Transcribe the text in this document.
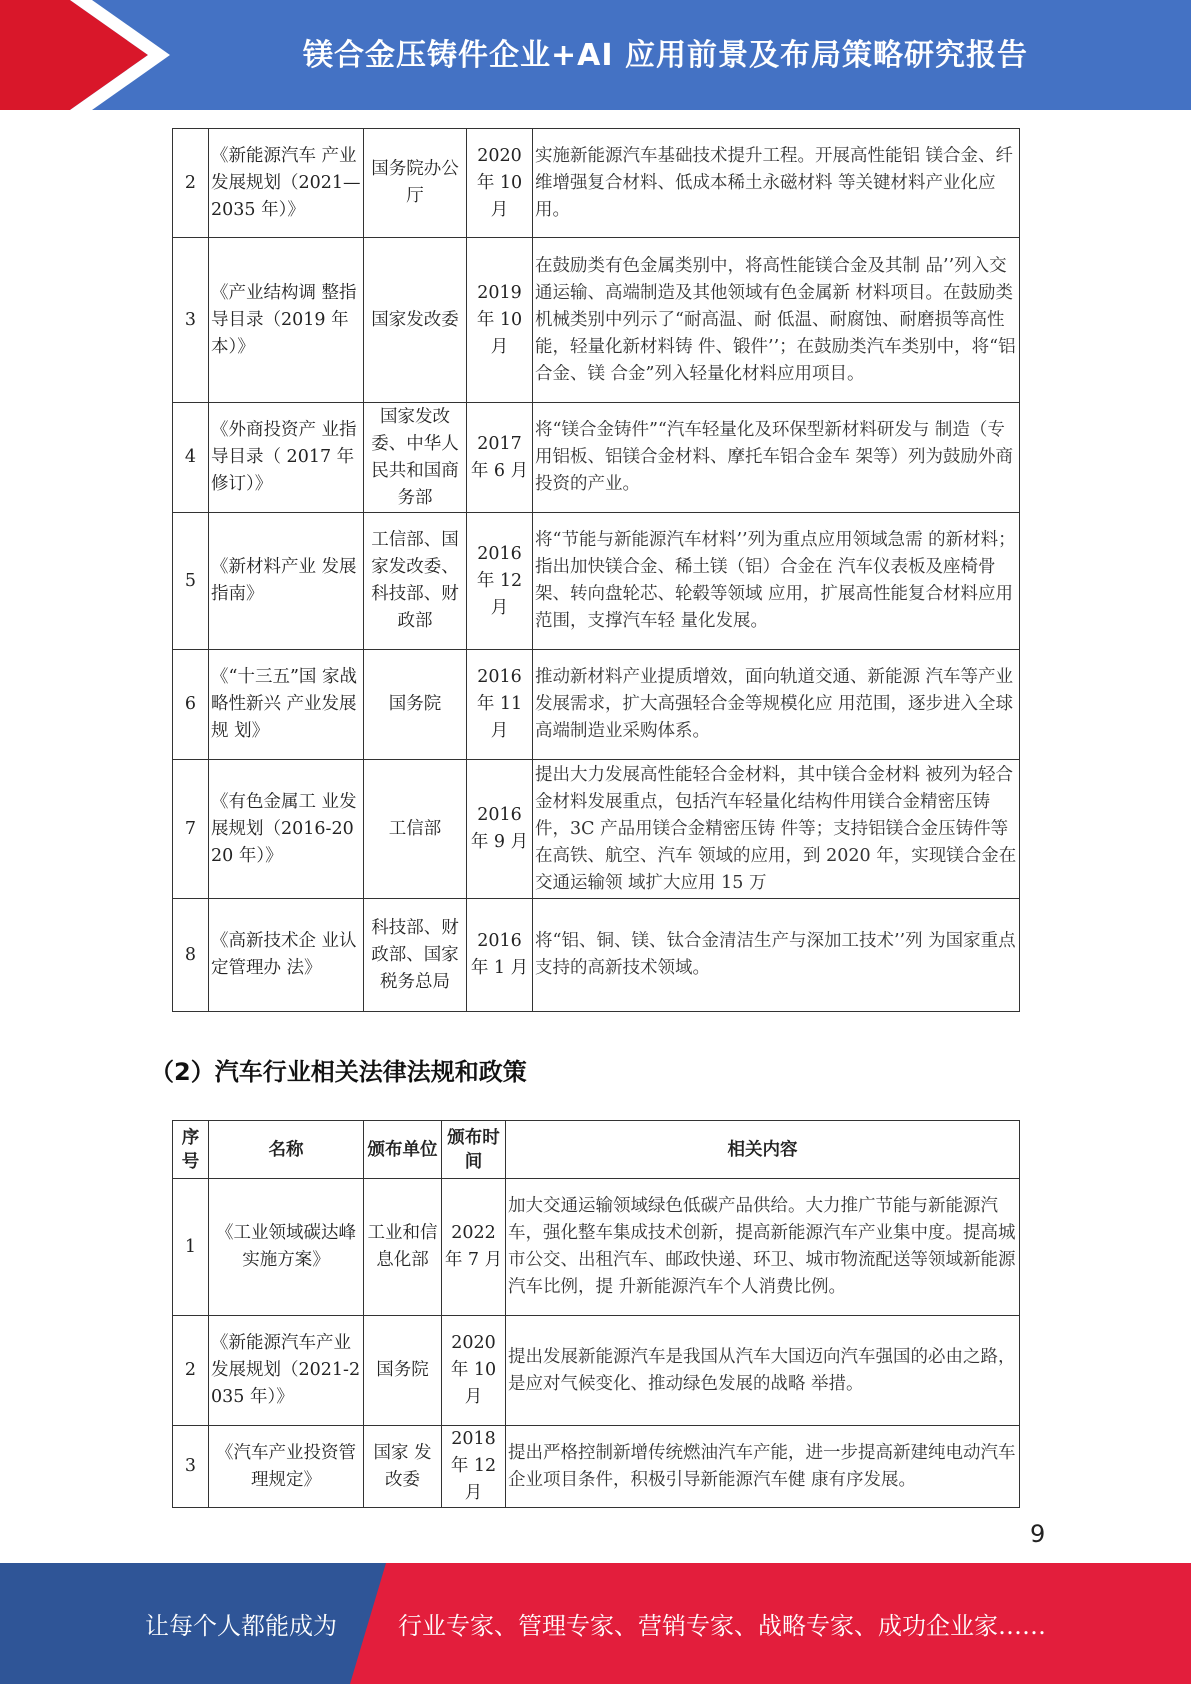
镁合金压铸件企业+AI 应用前景及布局策略研究报告
2	《新能源汽车 产业发展规划（2021—2035 年）》	国务院办公厅	2020 年 10 月	实施新能源汽车基础技术提升工程。开展高性能铝 镁合金、纤维增强复合材料、低成本稀土永磁材料 等关键材料产业化应用。
3	《产业结构调 整指导目录（2019 年本）》	国家发改委	2019 年 10 月	在鼓励类有色金属类别中，将高性能镁合金及其制 品’’列入交通运输、高端制造及其他领域有色金属新 材料项目。在鼓励类机械类别中列示了“耐高温、耐 低温、耐腐蚀、耐磨损等高性能，轻量化新材料铸 件、锻件’’；在鼓励类汽车类别中，将“铝合金、镁 合金”列入轻量化材料应用项目。
4	《外商投资产 业指导目录（ 2017 年 修订）》	国家发改委、中华人民共和国商务部	2017 年 6 月	将“镁合金铸件”“汽车轻量化及环保型新材料研发与 制造（专用铝板、铝镁合金材料、摩托车铝合金车 架等）列为鼓励外商投资的产业。
5	《新材料产业 发展指南》	工信部、国家发改委、科技部、财政部	2016 年 12 月	将“节能与新能源汽车材料’’列为重点应用领域急需 的新材料；指出加快镁合金、稀土镁（铝）合金在 汽车仪表板及座椅骨架、转向盘轮芯、轮毂等领域 应用，扩展高性能复合材料应用范围，支撑汽车轻 量化发展。
6	《“十三五”国 家战略性新兴 产业发展规 划》	国务院	2016 年 11 月	推动新材料产业提质增效，面向轨道交通、新能源 汽车等产业发展需求，扩大高强轻合金等规模化应 用范围，逐步进入全球高端制造业采购体系。
7	《有色金属工 业发展规划（2016-2020 年）》	工信部	2016 年 9 月	提出大力发展高性能轻合金材料，其中镁合金材料 被列为轻合金材料发展重点，包括汽车轻量化结构件用镁合金精密压铸件，3C 产品用镁合金精密压铸 件等；支持铝镁合金压铸件等在高铁、航空、汽车 领域的应用，到 2020 年，实现镁合金在交通运输领 域扩大应用 15 万
8	《高新技术企 业认定管理办 法》	科技部、财政部、国家税务总局	2016 年 1 月	将“铝、铜、镁、钛合金清洁生产与深加工技术’’列 为国家重点支持的高新技术领域。
（2）汽车行业相关法律法规和政策
序号	名称	颁布单位	颁布时间	相关内容
1	《工业领域碳达峰实施方案》	工业和信息化部	2022 年 7 月	加大交通运输领域绿色低碳产品供给。大力推广节能与新能源汽车，强化整车集成技术创新，提高新能源汽车产业集中度。提高城市公交、出租汽车、邮政快递、环卫、城市物流配送等领域新能源汽车比例，提 升新能源汽车个人消费比例。
2	《新能源汽车产业发展规划（2021-2035 年）》	国务院	2020 年 10 月	提出发展新能源汽车是我国从汽车大国迈向汽车强国的必由之路，是应对气候变化、推动绿色发展的战略 举措。
3	《汽车产业投资管理规定》	国家 发改委	2018 年 12 月	提出严格控制新增传统燃油汽车产能，进一步提高新建纯电动汽车企业项目条件，积极引导新能源汽车健 康有序发展。
9
让每个人都能成为	行业专家、管理专家、营销专家、战略专家、成功企业家……
